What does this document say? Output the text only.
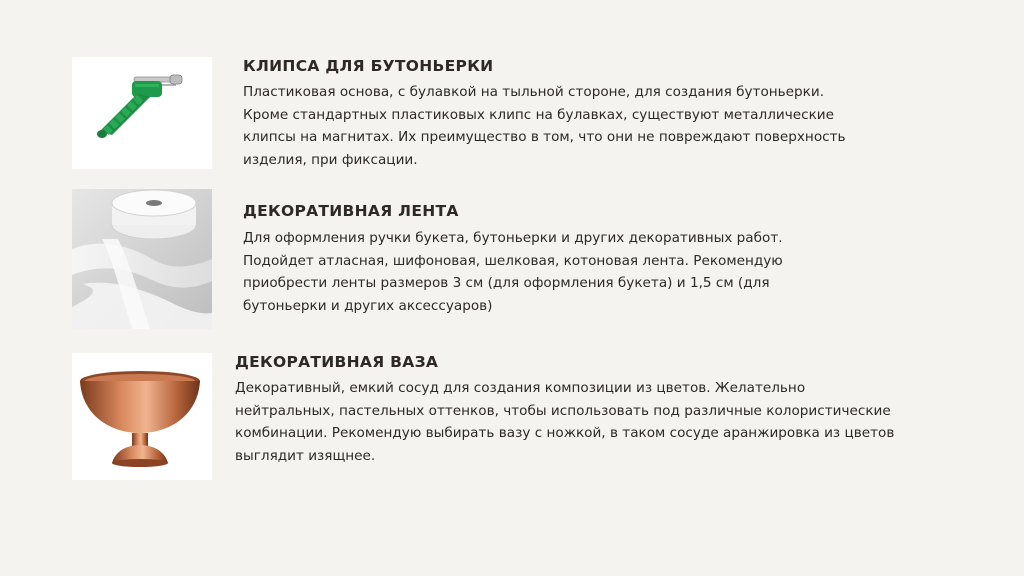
КЛИПСА ДЛЯ БУТОНЬЕРКИ
Пластиковая основа, с булавкой на тыльной стороне, для создания бутоньерки.
Кроме стандартных пластиковых клипс на булавках, существуют металлические
клипсы на магнитах. Их преимущество в том, что они не повреждают поверхность
изделия, при фиксации.
ДЕКОРАТИВНАЯ ЛЕНТА
Для оформления ручки букета, бутоньерки и других декоративных работ.
Подойдет атласная, шифоновая, шелковая, котоновая лента. Рекомендую
приобрести ленты размеров 3 см (для оформления букета) и 1,5 см (для
бутоньерки и других аксессуаров)
ДЕКОРАТИВНАЯ ВАЗА
Декоративный, емкий сосуд для создания композиции из цветов. Желательно
нейтральных, пастельных оттенков, чтобы использовать под различные колористические
комбинации. Рекомендую выбирать вазу с ножкой, в таком сосуде аранжировка из цветов
выглядит изящнее.
